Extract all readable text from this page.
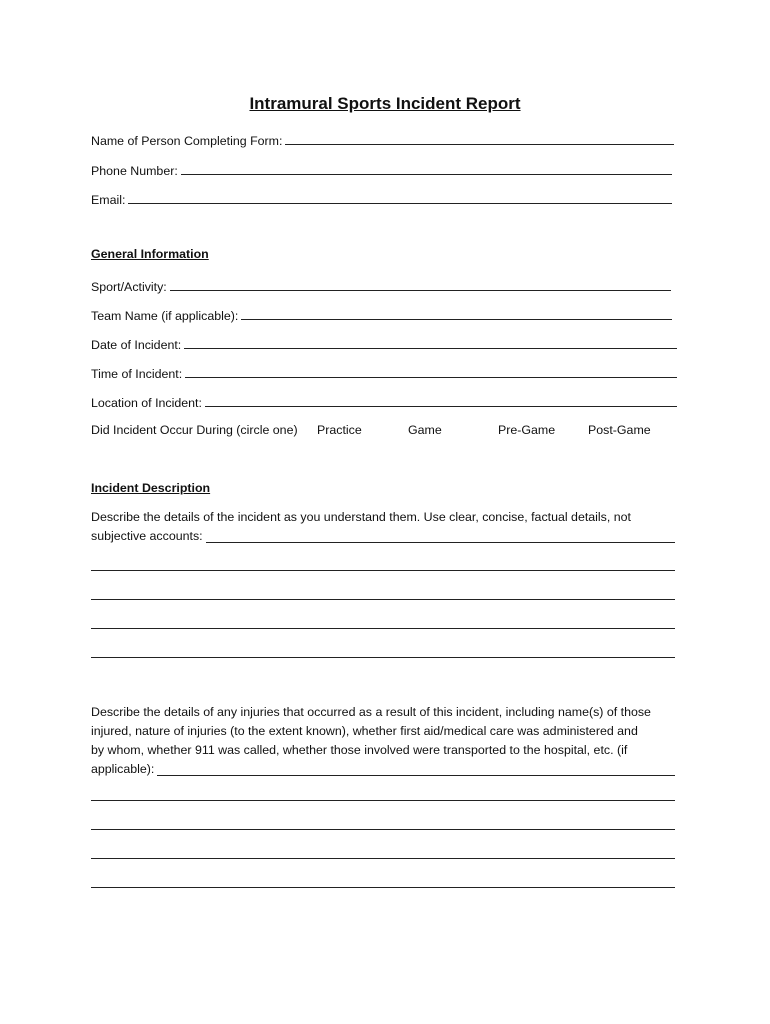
Intramural Sports Incident Report
Name of Person Completing Form:
Phone Number:
Email:
General Information
Sport/Activity:
Team Name (if applicable):
Date of Incident:
Time of Incident:
Location of Incident:
Did Incident Occur During (circle one) Practice	Game	Pre-Game	Post-Game
Incident Description
Describe the details of the incident as you understand them. Use clear, concise, factual details, not
subjective accounts:
Describe the details of any injuries that occurred as a result of this incident, including name(s) of those
injured, nature of injuries (to the extent known), whether first aid/medical care was administered and
by whom, whether 911 was called, whether those involved were transported to the hospital, etc. (if
applicable):
